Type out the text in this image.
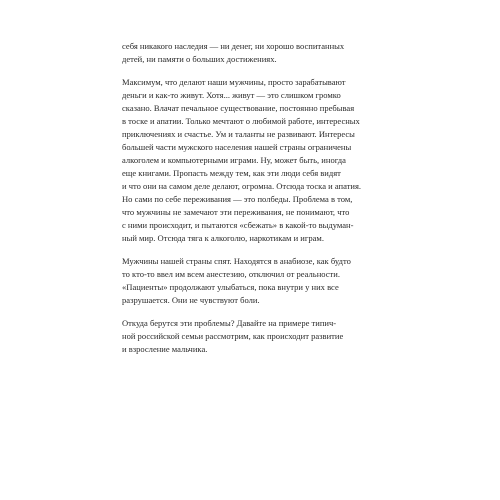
себя никакого наследия — ни денег, ни хорошо воспитанных
детей, ни памяти о больших достижениях.
Максимум, что делают наши мужчины, просто зарабатывают
деньги и как-то живут. Хотя... живут — это слишком громко
сказано. Влачат печальное существование, постоянно пребывая
в тоске и апатии. Только мечтают о любимой работе, интересных
приключениях и счастье. Ум и таланты не развивают. Интересы
большей части мужского населения нашей страны ограничены
алкоголем и компьютерными играми. Ну, может быть, иногда
еще книгами. Пропасть между тем, как эти люди себя видят
и что они на самом деле делают, огромна. Отсюда тоска и апатия.
Но сами по себе переживания — это полбеды. Проблема в том,
что мужчины не замечают эти переживания, не понимают, что
с ними происходит, и пытаются «сбежать» в какой-то выдуман-
ный мир. Отсюда тяга к алкоголю, наркотикам и играм.
Мужчины нашей страны спят. Находятся в анабиозе, как будто
то кто-то ввел им всем анестезию, отключил от реальности.
«Пациенты» продолжают улыбаться, пока внутри у них все
разрушается. Они не чувствуют боли.
Откуда берутся эти проблемы? Давайте на примере типич-
ной российской семьи рассмотрим, как происходит развитие
и взросление мальчика.
